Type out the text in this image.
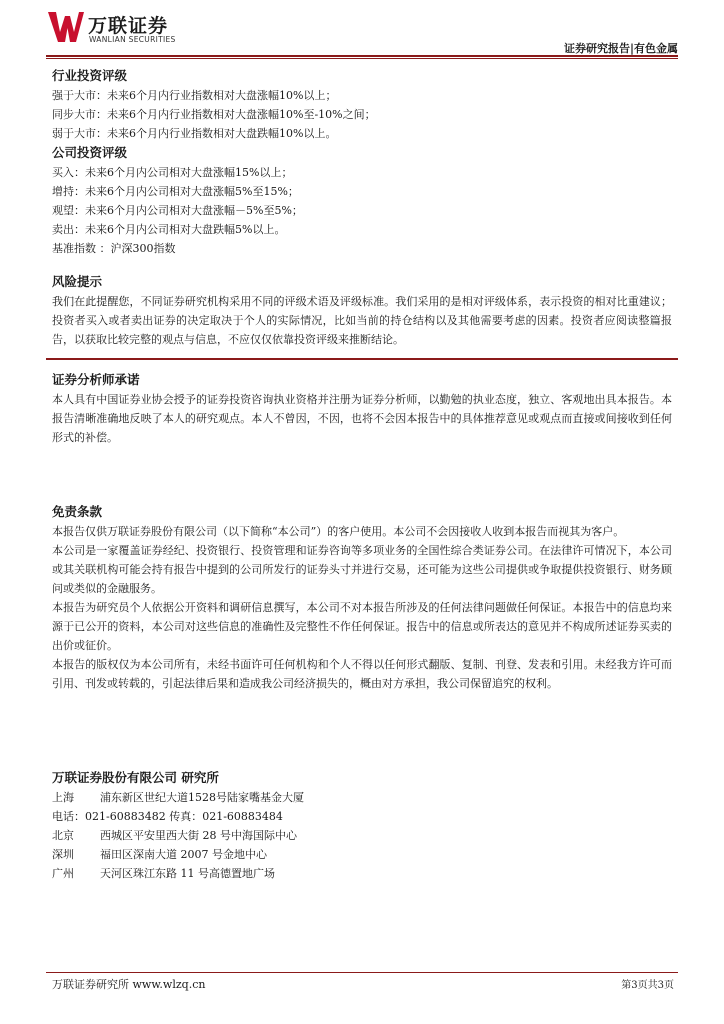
万联证券
WANLIAN SECURITIES
证券研究报告|有色金属

行业投资评级

强于大市：未来6个月内行业指数相对大盘涨幅10%以上；

同步大市：未来6个月内行业指数相对大盘涨幅10%至-10%之间；

弱于大市：未来6个月内行业指数相对大盘跌幅10%以上。

公司投资评级

买入：未来6个月内公司相对大盘涨幅15%以上；

增持：未来6个月内公司相对大盘涨幅5%至15%；

观望：未来6个月内公司相对大盘涨幅－5%至5%；

卖出：未来6个月内公司相对大盘跌幅5%以上。

基准指数 ：沪深300指数

风险提示

我们在此提醒您，不同证券研究机构采用不同的评级术语及评级标准。我们采用的是相对评级体系，表示投资的相对比重建议；投资者买入或者卖出证券的决定取决于个人的实际情况，比如当前的持仓结构以及其他需要考虑的因素。投资者应阅读整篇报告，以获取比较完整的观点与信息，不应仅仅依靠投资评级来推断结论。

证券分析师承诺

本人具有中国证券业协会授予的证券投资咨询执业资格并注册为证券分析师，以勤勉的执业态度，独立、客观地出具本报告。本报告清晰准确地反映了本人的研究观点。本人不曾因，不因，也将不会因本报告中的具体推荐意见或观点而直接或间接收到任何形式的补偿。

免责条款

本报告仅供万联证券股份有限公司（以下简称“本公司”）的客户使用。本公司不会因接收人收到本报告而视其为客户。

本公司是一家覆盖证券经纪、投资银行、投资管理和证券咨询等多项业务的全国性综合类证券公司。在法律许可情况下，本公司或其关联机构可能会持有报告中提到的公司所发行的证券头寸并进行交易，还可能为这些公司提供或争取提供投资银行、财务顾问或类似的金融服务。

本报告为研究员个人依据公开资料和调研信息撰写，本公司不对本报告所涉及的任何法律问题做任何保证。本报告中的信息均来源于已公开的资料，本公司对这些信息的准确性及完整性不作任何保证。报告中的信息或所表达的意见并不构成所述证券买卖的出价或征价。

本报告的版权仅为本公司所有，未经书面许可任何机构和个人不得以任何形式翻版、复制、刊登、发表和引用。未经我方许可而引用、刊发或转载的，引起法律后果和造成我公司经济损失的，概由对方承担，我公司保留追究的权利。

万联证券股份有限公司 研究所

上海 浦东新区世纪大道1528号陆家嘴基金大厦

电话：021-60883482 传真：021-60883484

北京 西城区平安里西大街 28 号中海国际中心

深圳 福田区深南大道 2007 号金地中心

广州 天河区珠江东路 11 号高德置地广场

万联证券研究所 www.wlzq.cn	第3页共3页
